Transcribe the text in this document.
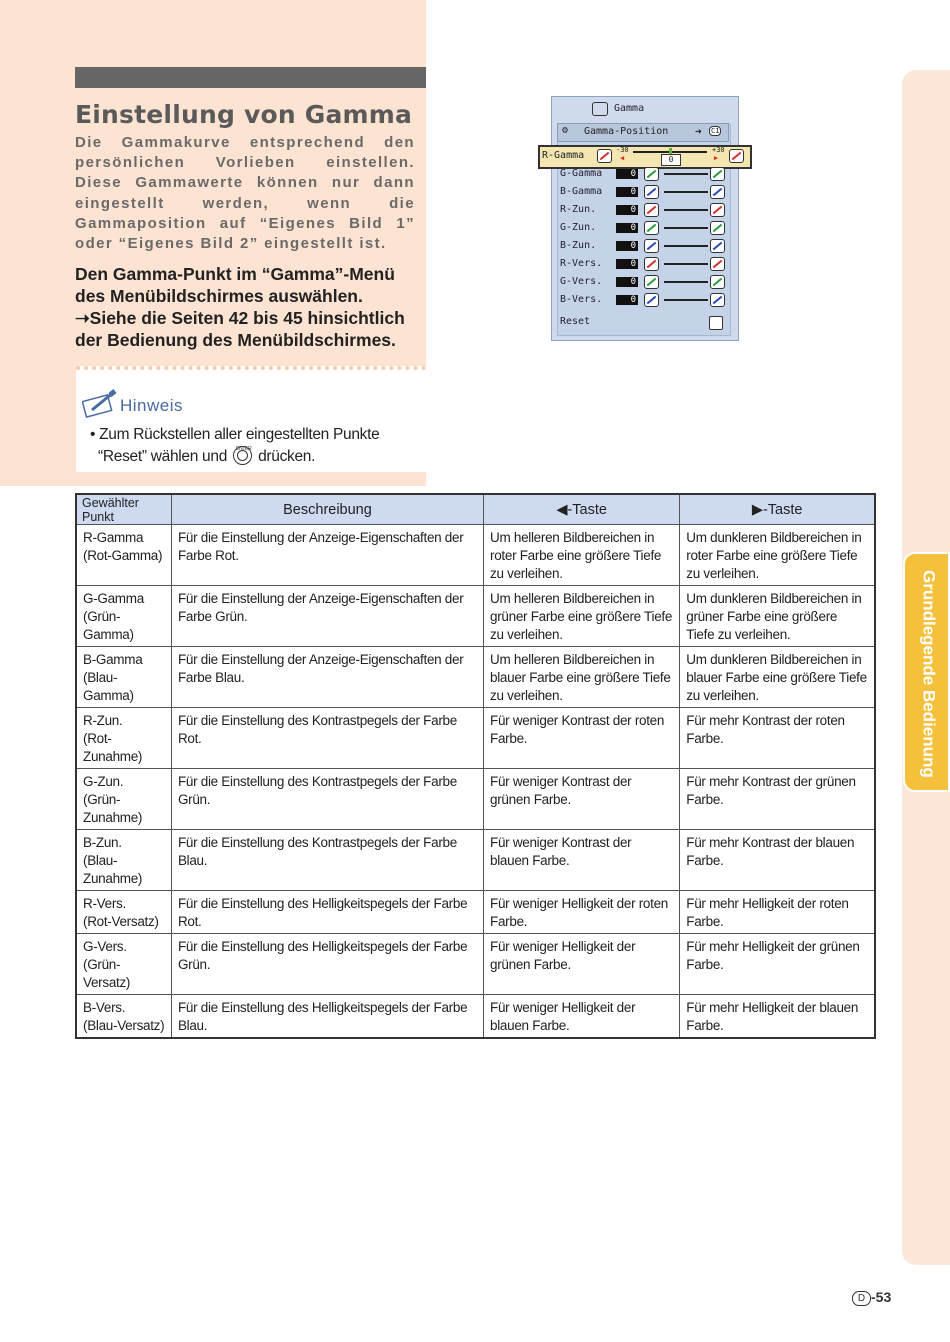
Einstellung von Gamma

Die Gammakurve entsprechend den persönlichen Vorlieben einstellen. Diese Gammawerte können nur dann eingestellt werden, wenn die Gammaposition auf “Eigenes Bild 1” oder “Eigenes Bild 2” eingestellt ist.

Den Gamma-Punkt im “Gamma”-Menü des Menübildschirmes auswählen.
➝Siehe die Seiten 42 bis 45 hinsichtlich der Bedienung des Menübildschirmes.

Hinweis
• Zum Rückstellen aller eingestellten Punkte
“Reset” wählen und ENTER drücken.
Gamma
⚙ Gamma-Position ➜ C1
R-Gamma	-30	+30
◀	▶
0
G-Gamma	0
B-Gamma	0
R-Zun.	0
G-Zun.	0
B-Zun.	0
R-Vers.	0
G-Vers.	0
B-Vers.	0
Reset
Gewählter Punkt	Beschreibung	◀-Taste	▶-Taste
R-Gamma
(Rot-Gamma)	Für die Einstellung der Anzeige-Eigenschaften der Farbe Rot.	Um helleren Bildbereichen in roter Farbe eine größere Tiefe zu verleihen.	Um dunkleren Bildbereichen in roter Farbe eine größere Tiefe zu verleihen.
G-Gamma
(Grün-Gamma)	Für die Einstellung der Anzeige-Eigenschaften der Farbe Grün.	Um helleren Bildbereichen in grüner Farbe eine größere Tiefe zu verleihen.	Um dunkleren Bildbereichen in grüner Farbe eine größere Tiefe zu verleihen.
B-Gamma
(Blau-Gamma)	Für die Einstellung der Anzeige-Eigenschaften der Farbe Blau.	Um helleren Bildbereichen in blauer Farbe eine größere Tiefe zu verleihen.	Um dunkleren Bildbereichen in blauer Farbe eine größere Tiefe zu verleihen.
R-Zun.
(Rot-Zunahme)	Für die Einstellung des Kontrastpegels der Farbe Rot.	Für weniger Kontrast der roten Farbe.	Für mehr Kontrast der roten Farbe.
G-Zun.
(Grün-Zunahme)	Für die Einstellung des Kontrastpegels der Farbe Grün.	Für weniger Kontrast der grünen Farbe.	Für mehr Kontrast der grünen Farbe.
B-Zun.
(Blau-Zunahme)	Für die Einstellung des Kontrastpegels der Farbe Blau.	Für weniger Kontrast der blauen Farbe.	Für mehr Kontrast der blauen Farbe.
R-Vers.
(Rot-Versatz)	Für die Einstellung des Helligkeitspegels der Farbe Rot.	Für weniger Helligkeit der roten Farbe.	Für mehr Helligkeit der roten Farbe.
G-Vers.
(Grün-Versatz)	Für die Einstellung des Helligkeitspegels der Farbe Grün.	Für weniger Helligkeit der grünen Farbe.	Für mehr Helligkeit der grünen Farbe.
B-Vers.
(Blau-Versatz)	Für die Einstellung des Helligkeitspegels der Farbe Blau.	Für weniger Helligkeit der blauen Farbe.	Für mehr Helligkeit der blauen Farbe.
Grundlegende Bedienung
D -53
